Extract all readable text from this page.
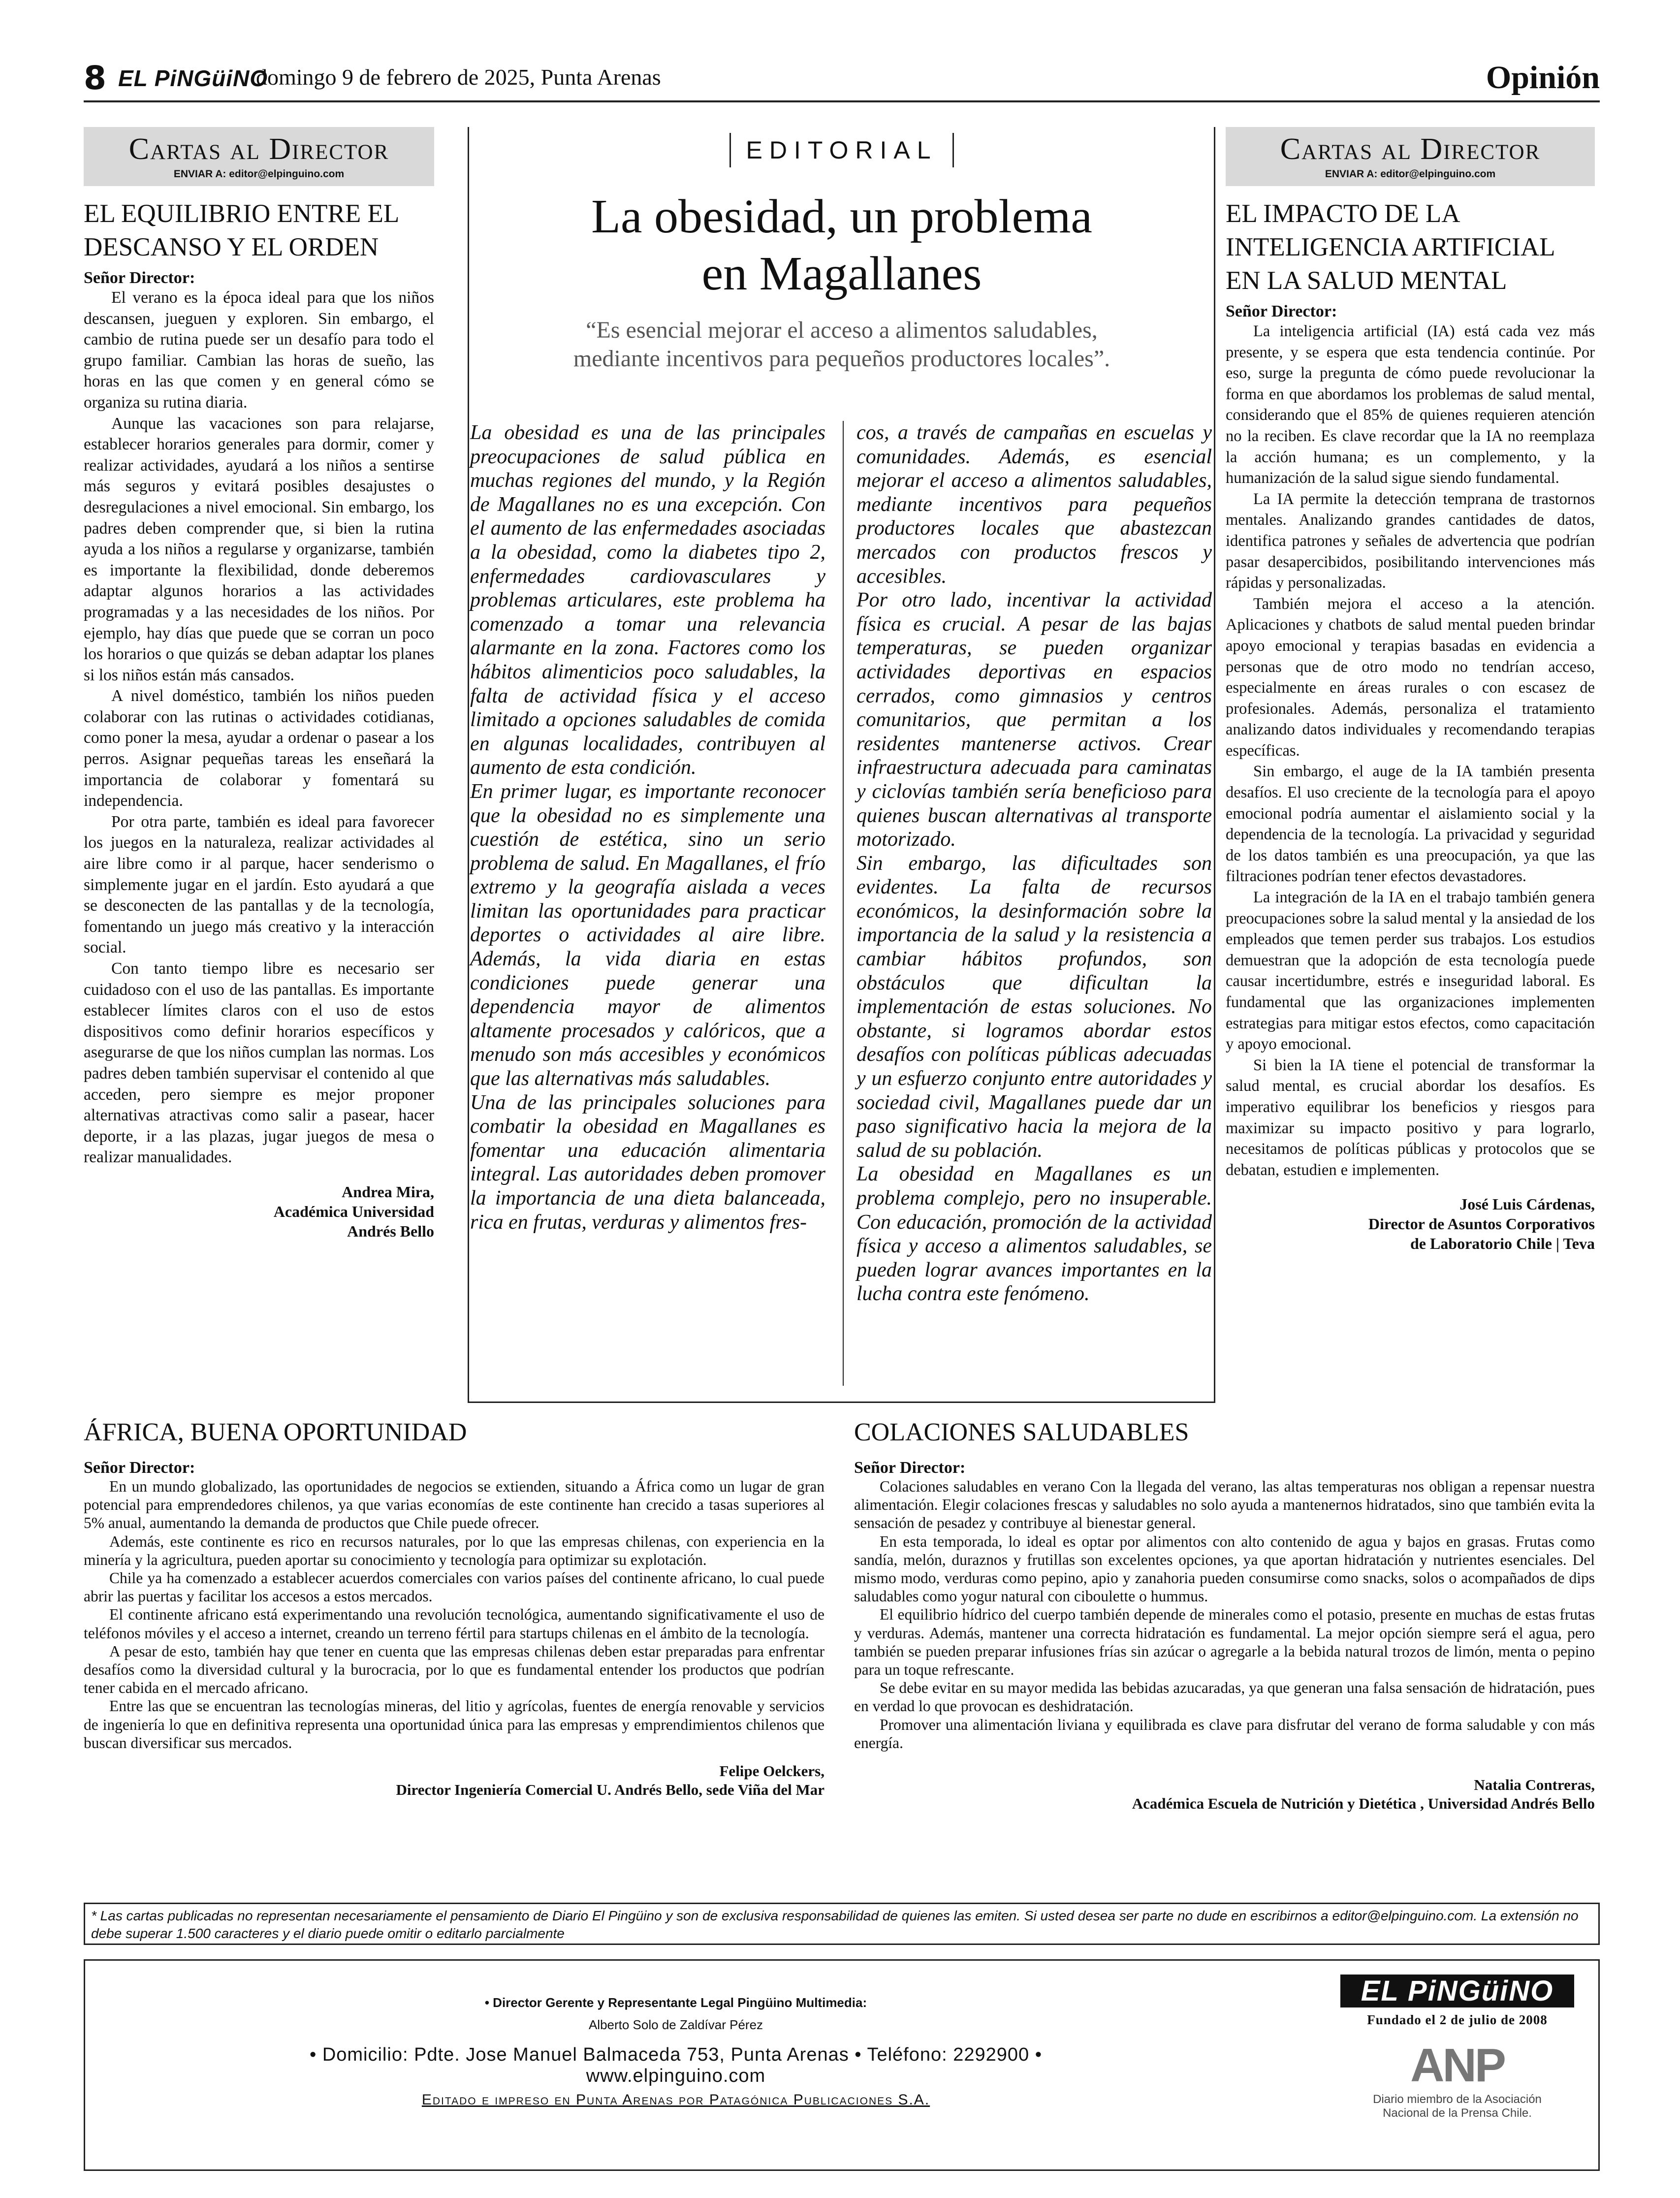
8 EL PiNGüiNO
domingo 9 de febrero de 2025, Punta Arenas	Opinión
Cartas al Director
ENVIAR A: editor@elpinguino.com
EL EQUILIBRIO ENTRE EL DESCANSO Y EL ORDEN
Señor Director:

El verano es la época ideal para que los niños descansen, jueguen y exploren. Sin embargo, el cambio de rutina puede ser un desafío para todo el grupo familiar. Cambian las horas de sueño, las horas en las que comen y en general cómo se organiza su rutina diaria.

Aunque las vacaciones son para relajarse, establecer horarios generales para dormir, comer y realizar actividades, ayudará a los niños a sentirse más seguros y evitará posibles desajustes o desregulaciones a nivel emocional. Sin embargo, los padres deben comprender que, si bien la rutina ayuda a los niños a regularse y organizarse, también es importante la flexibilidad, donde deberemos adaptar algunos horarios a las actividades programadas y a las necesidades de los niños. Por ejemplo, hay días que puede que se corran un poco los horarios o que quizás se deban adaptar los planes si los niños están más cansados.

A nivel doméstico, también los niños pueden colaborar con las rutinas o actividades cotidianas, como poner la mesa, ayudar a ordenar o pasear a los perros. Asignar pequeñas tareas les enseñará la importancia de colaborar y fomentará su independencia.

Por otra parte, también es ideal para favorecer los juegos en la naturaleza, realizar actividades al aire libre como ir al parque, hacer senderismo o simplemente jugar en el jardín. Esto ayudará a que se desconecten de las pantallas y de la tecnología, fomentando un juego más creativo y la interacción social.

Con tanto tiempo libre es necesario ser cuidadoso con el uso de las pantallas. Es importante establecer límites claros con el uso de estos dispositivos como definir horarios específicos y asegurarse de que los niños cumplan las normas. Los padres deben también supervisar el contenido al que acceden, pero siempre es mejor proponer alternativas atractivas como salir a pasear, hacer deporte, ir a las plazas, jugar juegos de mesa o realizar manualidades.

Andrea Mira,
Académica Universidad
Andrés Bello
EDITORIAL
La obesidad, un problema
en Magallanes
“Es esencial mejorar el acceso a alimentos saludables,
mediante incentivos para pequeños productores locales”.

La obesidad es una de las principales preocupaciones de salud pública en muchas regiones del mundo, y la Región de Magallanes no es una excepción. Con el aumento de las enfermedades asociadas a la obesidad, como la diabetes tipo 2, enfermedades cardiovasculares y problemas articulares, este problema ha comenzado a tomar una relevancia alarmante en la zona. Factores como los hábitos alimenticios poco saludables, la falta de actividad física y el acceso limitado a opciones saludables de comida en algunas localidades, contribuyen al aumento de esta condición.

En primer lugar, es importante reconocer que la obesidad no es simplemente una cuestión de estética, sino un serio problema de salud. En Magallanes, el frío extremo y la geografía aislada a veces limitan las oportunidades para practicar deportes o actividades al aire libre. Además, la vida diaria en estas condiciones puede generar una dependencia mayor de alimentos altamente procesados y calóricos, que a menudo son más accesibles y económicos que las alternativas más saludables.

Una de las principales soluciones para combatir la obesidad en Magallanes es fomentar una educación alimentaria integral. Las autoridades deben promover la importancia de una dieta balanceada, rica en frutas, verduras y alimentos fres-

cos, a través de campañas en escuelas y comunidades. Además, es esencial mejorar el acceso a alimentos saludables, mediante incentivos para pequeños productores locales que abastezcan mercados con productos frescos y accesibles.

Por otro lado, incentivar la actividad física es crucial. A pesar de las bajas temperaturas, se pueden organizar actividades deportivas en espacios cerrados, como gimnasios y centros comunitarios, que permitan a los residentes mantenerse activos. Crear infraestructura adecuada para caminatas y ciclovías también sería beneficioso para quienes buscan alternativas al transporte motorizado.

Sin embargo, las dificultades son evidentes. La falta de recursos económicos, la desinformación sobre la importancia de la salud y la resistencia a cambiar hábitos profundos, son obstáculos que dificultan la implementación de estas soluciones. No obstante, si logramos abordar estos desafíos con políticas públicas adecuadas y un esfuerzo conjunto entre autoridades y sociedad civil, Magallanes puede dar un paso significativo hacia la mejora de la salud de su población.

La obesidad en Magallanes es un problema complejo, pero no insuperable. Con educación, promoción de la actividad física y acceso a alimentos saludables, se pueden lograr avances importantes en la lucha contra este fenómeno.

Cartas al Director
ENVIAR A: editor@elpinguino.com
EL IMPACTO DE LA INTELIGENCIA ARTIFICIAL EN LA SALUD MENTAL
Señor Director:

La inteligencia artificial (IA) está cada vez más presente, y se espera que esta tendencia continúe. Por eso, surge la pregunta de cómo puede revolucionar la forma en que abordamos los problemas de salud mental, considerando que el 85% de quienes requieren atención no la reciben. Es clave recordar que la IA no reemplaza la acción humana; es un complemento, y la humanización de la salud sigue siendo fundamental.

La IA permite la detección temprana de trastornos mentales. Analizando grandes cantidades de datos, identifica patrones y señales de advertencia que podrían pasar desapercibidos, posibilitando intervenciones más rápidas y personalizadas.

También mejora el acceso a la atención. Aplicaciones y chatbots de salud mental pueden brindar apoyo emocional y terapias basadas en evidencia a personas que de otro modo no tendrían acceso, especialmente en áreas rurales o con escasez de profesionales. Además, personaliza el tratamiento analizando datos individuales y recomendando terapias específicas.

Sin embargo, el auge de la IA también presenta desafíos. El uso creciente de la tecnología para el apoyo emocional podría aumentar el aislamiento social y la dependencia de la tecnología. La privacidad y seguridad de los datos también es una preocupación, ya que las filtraciones podrían tener efectos devastadores.

La integración de la IA en el trabajo también genera preocupaciones sobre la salud mental y la ansiedad de los empleados que temen perder sus trabajos. Los estudios demuestran que la adopción de esta tecnología puede causar incertidumbre, estrés e inseguridad laboral. Es fundamental que las organizaciones implementen estrategias para mitigar estos efectos, como capacitación y apoyo emocional.

Si bien la IA tiene el potencial de transformar la salud mental, es crucial abordar los desafíos. Es imperativo equilibrar los beneficios y riesgos para maximizar su impacto positivo y para lograrlo, necesitamos de políticas públicas y protocolos que se debatan, estudien e implementen.

José Luis Cárdenas,
Director de Asuntos Corporativos
de Laboratorio Chile | Teva
ÁFRICA, BUENA OPORTUNIDAD
Señor Director:

En un mundo globalizado, las oportunidades de negocios se extienden, situando a África como un lugar de gran potencial para emprendedores chilenos, ya que varias economías de este continente han crecido a tasas superiores al 5% anual, aumentando la demanda de productos que Chile puede ofrecer.

Además, este continente es rico en recursos naturales, por lo que las empresas chilenas, con experiencia en la minería y la agricultura, pueden aportar su conocimiento y tecnología para optimizar su explotación.

Chile ya ha comenzado a establecer acuerdos comerciales con varios países del continente africano, lo cual puede abrir las puertas y facilitar los accesos a estos mercados.

El continente africano está experimentando una revolución tecnológica, aumentando significativamente el uso de teléfonos móviles y el acceso a internet, creando un terreno fértil para startups chilenas en el ámbito de la tecnología.

A pesar de esto, también hay que tener en cuenta que las empresas chilenas deben estar preparadas para enfrentar desafíos como la diversidad cultural y la burocracia, por lo que es fundamental entender los productos que podrían tener cabida en el mercado africano.

Entre las que se encuentran las tecnologías mineras, del litio y agrícolas, fuentes de energía renovable y servicios de ingeniería lo que en definitiva representa una oportunidad única para las empresas y emprendimientos chilenos que buscan diversificar sus mercados.

Felipe Oelckers,
Director Ingeniería Comercial U. Andrés Bello, sede Viña del Mar
COLACIONES SALUDABLES
Señor Director:

Colaciones saludables en verano Con la llegada del verano, las altas temperaturas nos obligan a repensar nuestra alimentación. Elegir colaciones frescas y saludables no solo ayuda a mantenernos hidratados, sino que también evita la sensación de pesadez y contribuye al bienestar general.

En esta temporada, lo ideal es optar por alimentos con alto contenido de agua y bajos en grasas. Frutas como sandía, melón, duraznos y frutillas son excelentes opciones, ya que aportan hidratación y nutrientes esenciales. Del mismo modo, verduras como pepino, apio y zanahoria pueden consumirse como snacks, solos o acompañados de dips saludables como yogur natural con ciboulette o hummus.

El equilibrio hídrico del cuerpo también depende de minerales como el potasio, presente en muchas de estas frutas y verduras. Además, mantener una correcta hidratación es fundamental. La mejor opción siempre será el agua, pero también se pueden preparar infusiones frías sin azúcar o agregarle a la bebida natural trozos de limón, menta o pepino para un toque refrescante.

Se debe evitar en su mayor medida las bebidas azucaradas, ya que generan una falsa sensación de hidratación, pues en verdad lo que provocan es deshidratación.

Promover una alimentación liviana y equilibrada es clave para disfrutar del verano de forma saludable y con más energía.

Natalia Contreras,
Académica Escuela de Nutrición y Dietética , Universidad Andrés Bello
* Las cartas publicadas no representan necesariamente el pensamiento de Diario El Pingüino y son de exclusiva responsabilidad de quienes las emiten. Si usted desea ser parte no dude en escribirnos a editor@elpinguino.com. La extensión no debe superar 1.500 caracteres y el diario puede omitir o editarlo parcialmente
• Director Gerente y Representante Legal Pingüino Multimedia:
Alberto Solo de Zaldívar Pérez
• Domicilio: Pdte. Jose Manuel Balmaceda 753, Punta Arenas • Teléfono: 2292900 • www.elpinguino.com
Editado e impreso en Punta Arenas por Patagónica Publicaciones S.A.
EL PiNGüiNO
Fundado el 2 de julio de 2008
ANP
Diario miembro de la Asociación
Nacional de la Prensa Chile.
